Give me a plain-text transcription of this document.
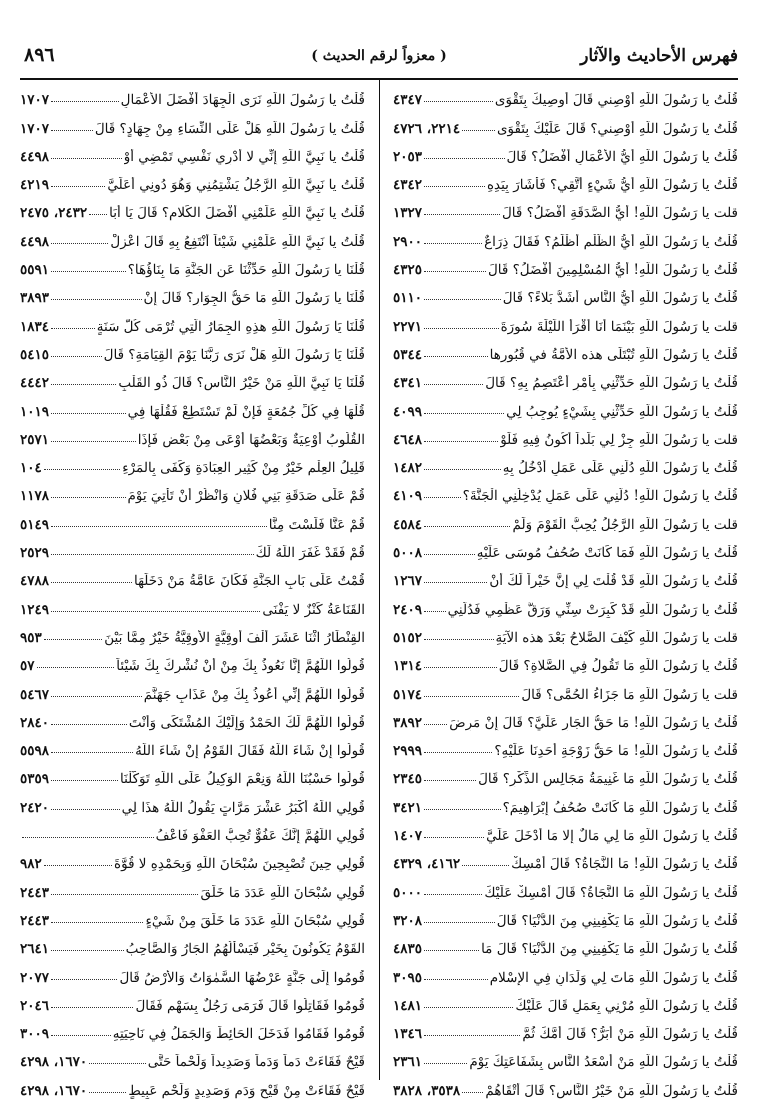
فهرس الأحاديث والآثار
( معزواً لرقم الحديث )
٨٩٦
قُلْتُ يا رَسُولَ اللَّهِ أَوْصِني قَالَ أُوصِيكَ بِتَقْوَى
٤٣٤٧
قُلْتُ يا رَسُولَ اللَّهِ أَوْصِني؟ قَالَ عَلَيْكَ بِتَقْوَى
٢٢١٤، ٤٧٢٦
قُلْتُ يا رَسُولَ اللَّهِ أَيُّ الأَعْمَالِ أَفْضَلُ؟ قَالَ
٢٠٥٣
قُلْتُ يا رَسُولَ اللَّهِ أَيُّ شَيْءٍ أَتَّقِي؟ فَأَشَارَ بِيَدِهِ
٤٣٤٢
قلت يا رَسُولَ اللَّهِ! أَيُّ الصَّدَقَةِ أَفْضَلُ؟ قَالَ
١٣٢٧
قُلْتُ يا رَسُولَ اللَّهِ أَيُّ الظُّلْمِ أَظْلَمُ؟ فَقَالَ ذِرَاعٌ
٢٩٠٠
قُلْتُ يا رَسُولَ اللَّهِ! أَيُّ المُسْلِمِينَ أَفْضَلُ؟ قَالَ
٤٣٢٥
قُلْتُ يا رَسُولَ اللَّهِ أَيُّ النَّاسِ أَشَدُّ بَلاءً؟ قَالَ
٥١١٠
قلت يا رَسُولَ اللَّهِ بَيْنَمَا أَنَا أَقْرَأُ اللَّيْلَةَ سُورَةَ
٢٢٧١
قُلْتُ يا رَسُولَ اللَّهِ تُبْتَلَى هذه الأمَّةُ في قُبُورِها
٥٣٤٤
قُلْتُ يا رَسُولَ اللَّهِ حَدِّثْنِي بِأَمْرٍ أَعْتَصِمُ بِهِ؟ قَالَ
٤٣٤١
قُلْتُ يا رَسُولَ اللَّهِ حَدِّثْنِي بِشَيْءٍ يُوجِبُ لِي
٤٠٩٩
قلت يا رَسُولَ اللَّهِ جِزْ لِي بَلَداً أَكُونُ فِيهِ فَلَوْ
٤٦٤٨
قُلْتُ يا رَسُولَ اللَّهِ دُلَّنِي عَلَى عَمَلٍ أَدْخُلُ بِهِ
١٤٨٢
قُلْتُ يا رَسُولَ اللَّهِ! دُلَّنِي عَلَى عَمَلٍ يُدْخِلُنِي الْجَنَّةَ؟
٤١٠٩
قلت يا رَسُولَ اللَّهِ الرَّجُلُ يُحِبُّ الْقَوْمَ وَلَمْ
٤٥٨٤
قُلْتُ يا رَسُولَ اللَّهِ فَمَا كَانَتْ صُحُفُ مُوسَى عَلَيْهِ
٥٠٠٨
قُلْتُ يا رَسُولَ اللَّهِ قَدْ قُلْتَ لِي إِنَّ خَيْراً لَكَ أَنْ
١٢٦٧
قُلْتُ يا رَسُولَ اللَّهِ قَدْ كَبِرَتْ سِنِّي وَرَقَّ عَظْمِي فَدُلَّنِي
٢٤٠٩
قلت يا رَسُولَ اللَّهِ كَيْفَ الصَّلاحُ بَعْدَ هذه الآيَةِ
٥١٥٢
قُلْتُ يا رَسُولَ اللَّهِ مَا تَقُولُ فِي الصَّلاةِ؟ قَالَ
١٣١٤
قلت يا رَسُولَ اللَّهِ مَا جَزَاءُ الحُمَّى؟ قَالَ
٥١٧٤
قُلْتُ يا رَسُولَ اللَّهِ! مَا حَقُّ الجَارِ عَلَيَّ؟ قَالَ إِنْ مَرِضَ
٣٨٩٢
قُلْتُ يا رَسُولَ اللَّهِ! مَا حَقُّ زَوْجَةِ أَحَدِنَا عَلَيْهِ؟
٢٩٩٩
قُلْتُ يا رَسُولَ اللَّهِ مَا غَنِيمَةُ مَجَالِسِ الذِّكْرِ؟ قَالَ
٢٣٤٥
قُلْتُ يا رَسُولَ اللَّهِ مَا كَانَتْ صُحُفُ إِبْرَاهِيمَ؟
٣٤٢١
قُلْتُ يا رَسُولَ اللَّهِ مَا لِي مَالٌ إِلا مَا أَدْخَلَ عَلَيَّ
١٤٠٧
قُلْتُ يا رَسُولَ اللَّهِ! مَا النَّجَاةُ؟ قَالَ أَمْسِكْ
٤١٦٢، ٤٣٢٩
قُلْتُ يا رَسُولَ اللَّهِ مَا النَّجَاةُ؟ قَالَ أَمْسِكْ عَلَيْكَ
٥٠٠٠
قُلْتُ يا رَسُولَ اللَّهِ مَا يَكْفِينِي مِنَ الدُّنْيَا؟ قَالَ
٣٢٠٨
قُلْتُ يا رَسُولَ اللَّهِ مَا يَكْفِينِي مِنَ الدُّنْيَا؟ قَالَ مَا
٤٨٣٥
قُلْتُ يا رَسُولَ اللَّهِ مَاتَ لِي وَلَدَانِ فِي الإِسْلامِ
٣٠٩٥
قُلْتُ يا رَسُولَ اللَّهِ مُرْنِي بِعَمَلٍ قَالَ عَلَيْكَ
١٤٨١
قُلْتُ يا رَسُولَ اللَّهِ مَنْ أَبَرُّ؟ قَالَ أُمَّكَ ثُمَّ
١٣٤٦
قُلْتُ يا رَسُولَ اللَّهِ مَنْ أَسْعَدُ النَّاسِ بِشَفَاعَتِكَ يَوْمَ
٢٣٦١
قُلْتُ يا رَسُولَ اللَّهِ مَنْ خَيْرُ النَّاسِ؟ قَالَ أَتْقَاهُمْ
٣٥٣٨، ٣٨٢٨
قُلْتُ يا رَسُولَ اللَّهِ نَرَى الْجِهَادَ أَفْضَلَ الأَعْمَالِ
١٧٠٧
قُلْتُ يا رَسُولَ اللَّهِ هَلْ عَلَى النِّسَاءِ مِنْ جِهَادٍ؟ قَالَ
١٧٠٧
قُلْتُ يا نَبِيَّ اللَّهِ إِنِّي لا أَدْرِي نَفْسِي تَمْضِي أَوْ
٤٤٩٨
قُلْتُ يا نَبِيَّ اللَّهِ الرَّجُلُ يَشْتِمُنِي وَهُوَ دُونِي أَعَلَيَّ
٤٢١٩
قُلْتُ يا نَبِيَّ اللَّهِ عَلِّمْنِي أَفْضَلَ الكَلامِ؟ قَالَ يَا أَبَا
٢٤٣٢، ٢٤٧٥
قُلْتُ يا نَبِيَّ اللَّهِ عَلِّمْنِي شَيْئاً أَنْتَفِعُ بِهِ قَالَ اعْزِلْ
٤٤٩٨
قُلْنَا يا رَسُولَ اللَّهِ حَدِّثْنَا عَنِ الجَنَّةِ مَا بِنَاؤُهَا؟
٥٥٩١
قُلْنَا يا رَسُولَ اللَّهِ مَا حَقُّ الجِوَارِ؟ قَالَ إِنْ
٣٨٩٣
قُلْنَا يَا رَسُولَ اللَّهِ هذِهِ الجِمَارُ الَّتِي تُرْمَى كُلَّ سَنَةٍ
١٨٣٤
قُلْنَا يَا رَسُولَ اللَّهِ هَلْ نَرَى رَبَّنَا يَوْمَ القِيَامَةِ؟ قَالَ
٥٤١٥
قُلْنَا يَا نَبِيَّ اللَّهِ مَنْ خَيْرُ النَّاسِ؟ قَالَ ذُو القَلْبِ
٤٤٤٢
قُلْهَا فِي كُلِّ جُمُعَةٍ فَإِنْ لَمْ تَسْتَطِعْ فَقُلْهَا فِي
١٠١٩
القُلُوبُ أَوْعِيَةٌ وَبَعْضُهَا أَوْعَى مِنْ بَعْضٍ فَإِذَا
٢٥٧١
قَلِيلُ العِلْمِ خَيْرٌ مِنْ كَثِيرِ العِبَادَةِ وَكَفَى بِالمَرْءِ
١٠٤
قُمْ عَلَى صَدَقَةِ بَنِي فُلانٍ وَانْظُرْ أَنْ تَأْتِيَ يَوْمَ
١١٧٨
قُمْ عَنَّا فَلَسْتَ مِنَّا
٥١٤٩
قُمْ فَقَدْ غَفَرَ اللَّهُ لَكَ
٢٥٢٩
قُمْتُ عَلَى بَابِ الجَنَّةِ فَكَانَ عَامَّةُ مَنْ دَخَلَهَا
٤٧٨٨
القَنَاعَةُ كَنْزٌ لا يَفْنَى
١٢٤٩
القِنْطَارُ اثْنَا عَشَرَ أَلْفَ أُوقِيَّةٍ الأُوقِيَّةُ خَيْرٌ مِمَّا بَيْنَ
٩٥٣
قُولُوا اللَّهُمَّ إِنَّا نَعُوذُ بِكَ مِنْ أَنْ نُشْرِكَ بِكَ شَيْئاً
٥٧
قُولُوا اللَّهُمَّ إِنِّي أَعُوذُ بِكَ مِنْ عَذَابِ جَهَنَّمَ
٥٤٦٧
قُولُوا اللَّهُمَّ لَكَ الحَمْدُ وَإِلَيْكَ المُشْتَكَى وَأَنْتَ
٢٨٤٠
قُولُوا إِنْ شَاءَ اللَّهُ فَقَالَ القَوْمُ إِنْ شَاءَ اللَّهُ
٥٥٩٨
قُولُوا حَسْبُنَا اللَّهُ وَنِعْمَ الوَكِيلُ عَلَى اللَّهِ تَوَكَّلْنَا
٥٣٥٩
قُولِي اللَّهُ أَكْبَرُ عَشْرَ مَرَّاتٍ يَقُولُ اللَّهُ هذَا لِي
٢٤٢٠
قُولِي اللَّهُمَّ إِنَّكَ عَفُوٌّ تُحِبُّ العَفْوَ فَاعْفُ
قُولِي حِينَ تُصْبِحِينَ سُبْحَانَ اللَّهِ وَبِحَمْدِهِ لا قُوَّةَ
٩٨٢
قُولِي سُبْحَانَ اللَّهِ عَدَدَ مَا خَلَقَ
٢٤٤٣
قُولِي سُبْحَانَ اللَّهِ عَدَدَ مَا خَلَقَ مِنْ شَيْءٍ
٢٤٤٣
القَوْمُ يَكُونُونَ بِخَيْرٍ فَيَسْأَلُهُمُ الجَارُ وَالصَّاحِبُ
٢٦٤١
قُومُوا إِلَى جَنَّةٍ عَرْضُهَا السَّمٰوَاتُ وَالأَرْضُ قَالَ
٢٠٧٧
قُومُوا فَقَاتِلُوا قَالَ فَرَمَى رَجُلٌ بِسَهْمٍ فَقَالَ
٢٠٤٦
قُومُوا فَقَامُوا فَدَخَلَ الحَائِطَ وَالجَمَلُ فِي نَاحِيَتِهِ
٣٠٠٩
قَيْحٌ فَقَاءَتْ دَماً وَدَماً وَصَدِيداً وَلَحْماً حَتَّى
١٦٧٠، ٤٢٩٨
قَيْحٌ فَقَاءَتْ مِنْ قَيْحٍ وَدَمٍ وَصَدِيدٍ وَلَحْمٍ عَبِيطٍ
١٦٧٠، ٤٢٩٨
